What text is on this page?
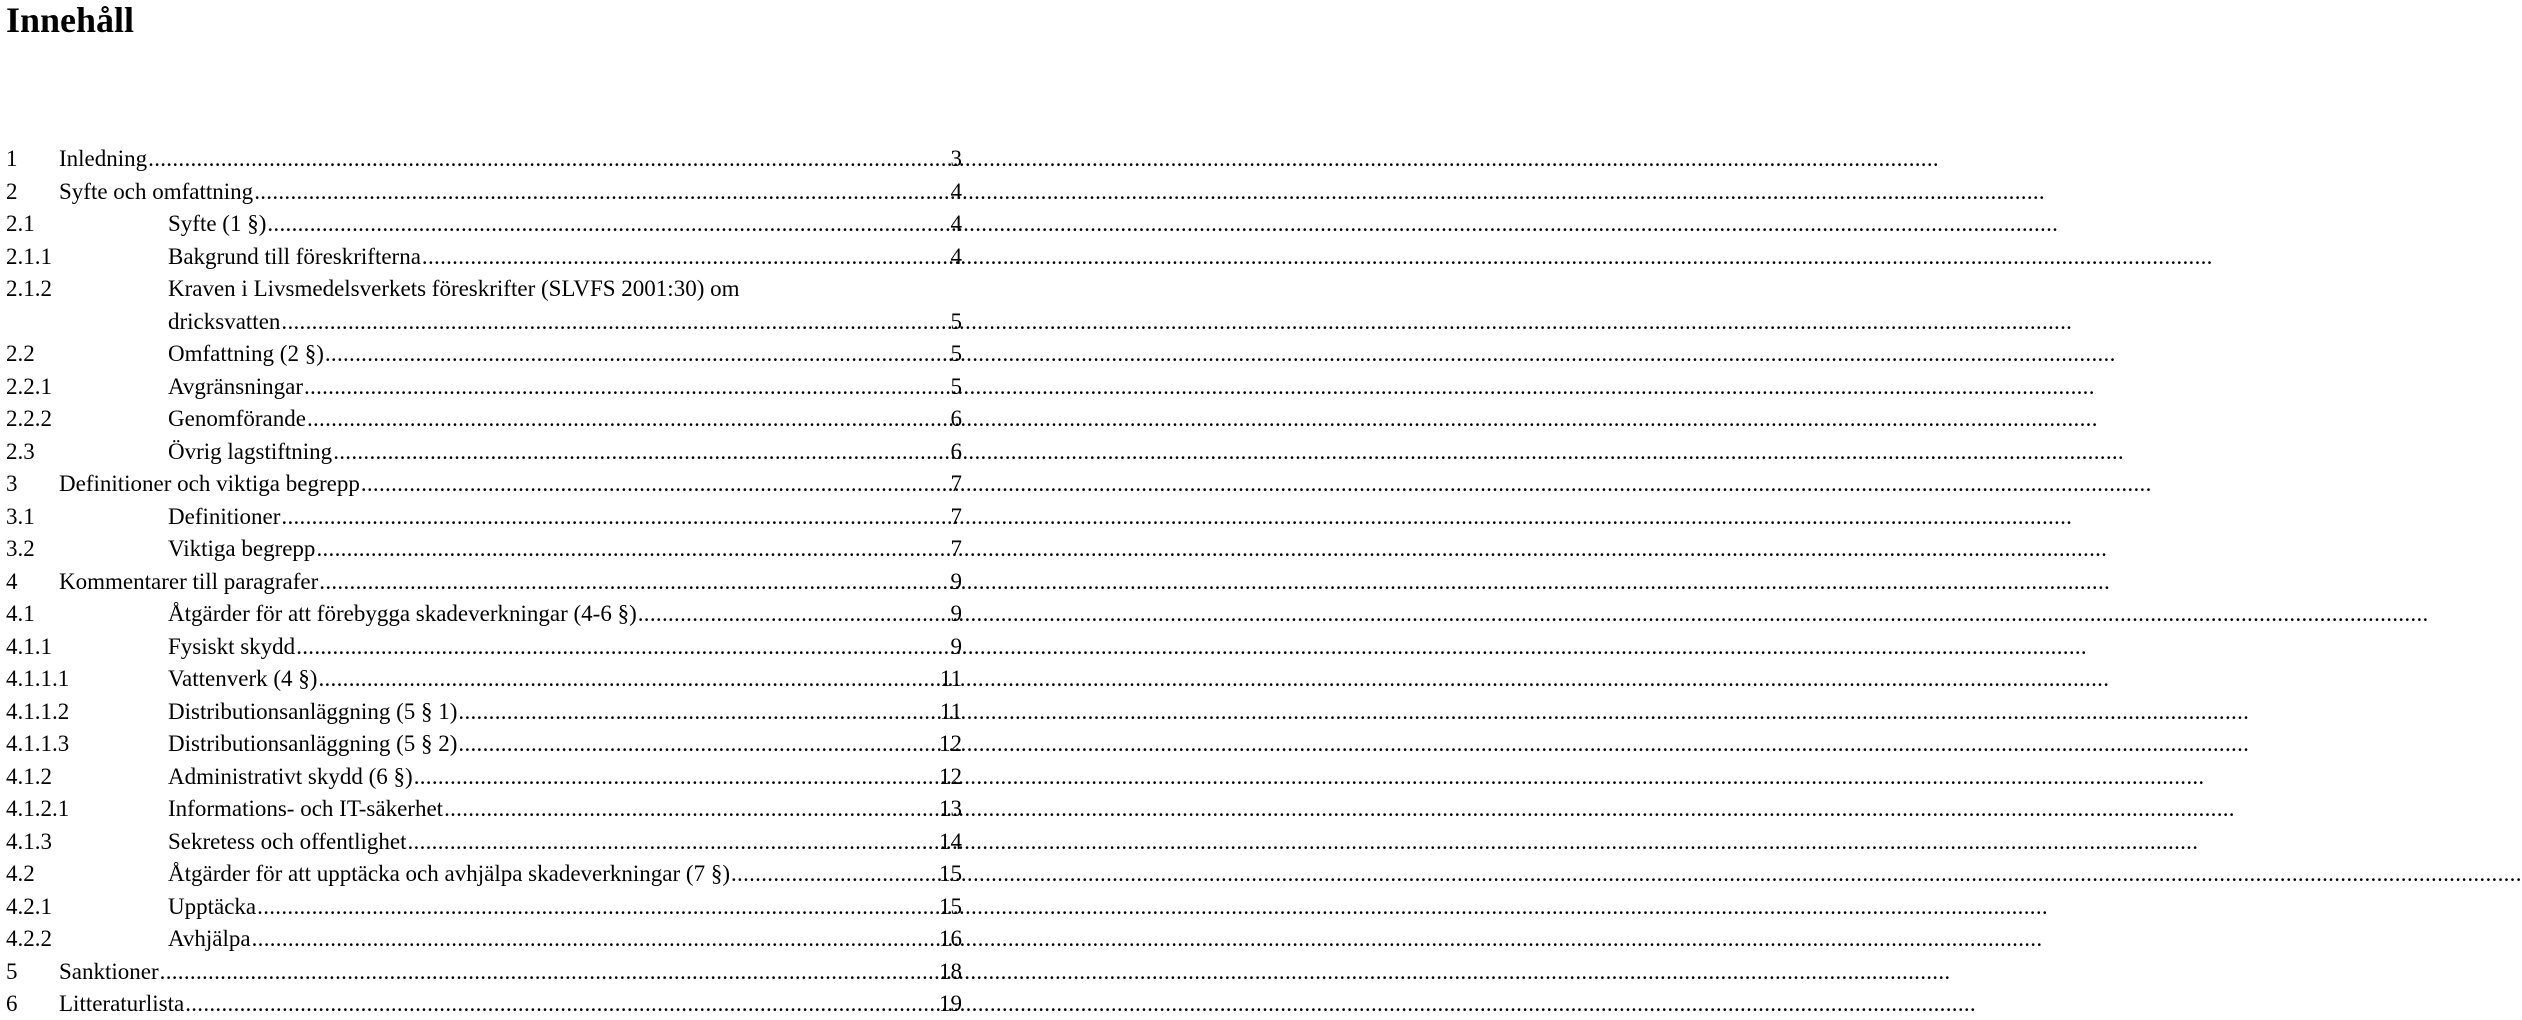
Innehåll
1	Inledning .....	3
2	Syfte och omfattning .....	4
2.1	Syfte (1 §) .....	4
2.1.1	Bakgrund till föreskrifterna .....	4
2.1.2	Kraven i Livsmedelsverkets föreskrifter (SLVFS 2001:30) om
dricksvatten .....	5
2.2	Omfattning (2 §) .....	5
2.2.1	Avgränsningar .....	5
2.2.2	Genomförande .....	6
2.3	Övrig lagstiftning .....	6
3	Definitioner och viktiga begrepp .....	7
3.1	Definitioner .....	7
3.2	Viktiga begrepp .....	7
4	Kommentarer till paragrafer .....	9
4.1	Åtgärder för att förebygga skadeverkningar (4-6 §) .....	9
4.1.1	Fysiskt skydd .....	9
4.1.1.1	Vattenverk (4 §) .....	11
4.1.1.2	Distributionsanläggning (5 § 1) .....	11
4.1.1.3	Distributionsanläggning (5 § 2) .....	12
4.1.2	Administrativt skydd (6 §) .....	12
4.1.2.1	Informations- och IT-säkerhet .....	13
4.1.3	Sekretess och offentlighet .....	14
4.2	Åtgärder för att upptäcka och avhjälpa skadeverkningar (7 §) .....	15
4.2.1	Upptäcka .....	15
4.2.2	Avhjälpa .....	16
5	Sanktioner .....	18
6	Litteraturlista .....	19
